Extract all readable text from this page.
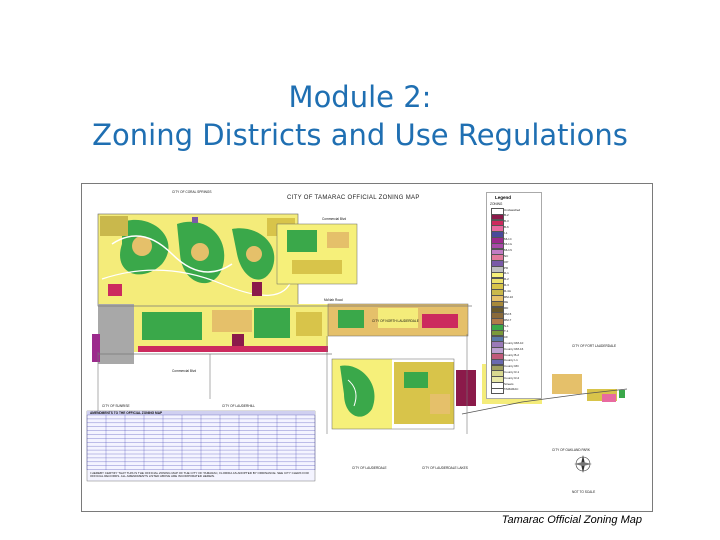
Module 2:
Zoning Districts and Use Regulations
CITY OF TAMARAC OFFICIAL ZONING MAP
CITY OF CORAL SPRINGS
CITY OF NORTH LAUDERDALE
CITY OF FORT LAUDERDALE
CITY OF SUNRISE	CITY OF LAUDERHILL
CITY OF OAKLAND PARK
CITY OF LAUDERDALE LAKES
CITY OF LAUDERDALE
Commercial Blvd
McNab Road
Commercial Blvd
NOT TO SCALE
AMENDMENTS TO THE OFFICIAL ZONING MAP
I HEREBY CERTIFY THAT THIS IS THE OFFICIAL ZONING MAP OF THE CITY OF TAMARAC, FLORIDA AS ADOPTED BY ORDINANCE. SEE CITY CLERK FOR OFFICIAL RECORDS. ALL AMENDMENTS LISTED ABOVE ARE INCORPORATED HEREIN.
Legend
ZONING
Unclassified
B-2
B-3
B-6
I-1
MU-C
MU-G
MU-N
NC
OP
PD
R-1
R-2
R-3
R-4A
RM-10
RE
RD
RM-5
RM-7
S-1
T-1
CF
County RM-10
County RM-16
County B-2
County I-1
County RD
County R-1
County R-2
Streets
TAMARAC
Tamarac Official Zoning Map
